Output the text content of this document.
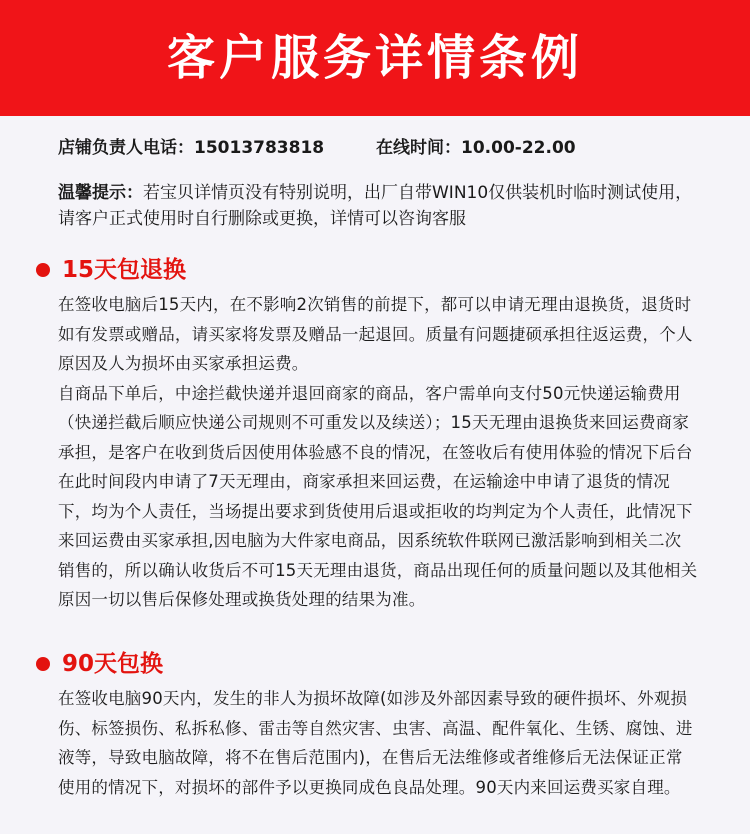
客户服务详情条例
店铺负责人电话：15013783818	在线时间：10.00-22.00
温馨提示：若宝贝详情页没有特别说明，出厂自带WIN10仅供装机时临时测试使用，请客户正式使用时自行删除或更换，详情可以咨询客服
15天包退换

在签收电脑后15天内，在不影响2次销售的前提下，都可以申请无理由退换货，退货时如有发票或赠品，请买家将发票及赠品一起退回。质量有问题捷硕承担往返运费，个人原因及人为损坏由买家承担运费。

自商品下单后，中途拦截快递并退回商家的商品，客户需单向支付50元快递运输费用（快递拦截后顺应快递公司规则不可重发以及续送）；15天无理由退换货来回运费商家承担，是客户在收到货后因使用体验感不良的情况，在签收后有使用体验的情况下后台在此时间段内申请了7天无理由，商家承担来回运费，在运输途中申请了退货的情况下，均为个人责任，当场提出要求到货使用后退或拒收的均判定为个人责任，此情况下来回运费由买家承担,因电脑为大件家电商品，因系统软件联网已激活影响到相关二次销售的，所以确认收货后不可15天无理由退货，商品出现任何的质量问题以及其他相关原因一切以售后保修处理或换货处理的结果为准。

90天包换

在签收电脑90天内，发生的非人为损坏故障(如涉及外部因素导致的硬件损坏、外观损伤、标签损伤、私拆私修、雷击等自然灾害、虫害、高温、配件氧化、生锈、腐蚀、进液等，导致电脑故障，将不在售后范围内)，在售后无法维修或者维修后无法保证正常使用的情况下，对损坏的部件予以更换同成色良品处理。90天内来回运费买家自理。
